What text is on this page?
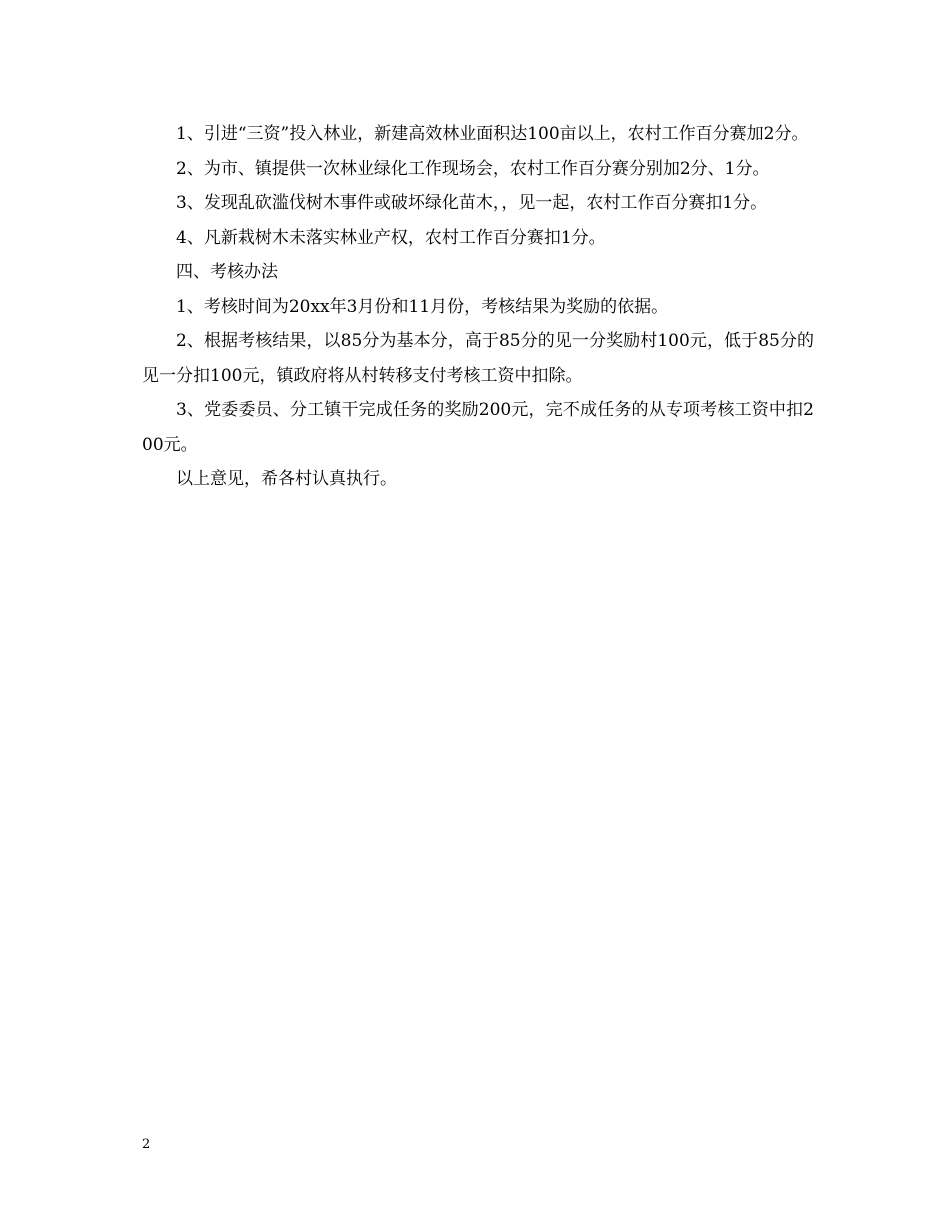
1、引进“三资”投入林业，新建高效林业面积达100亩以上，农村工作百分赛加2分。

2、为市、镇提供一次林业绿化工作现场会，农村工作百分赛分别加2分、1分。

3、发现乱砍滥伐树木事件或破坏绿化苗木，，见一起，农村工作百分赛扣1分。

4、凡新栽树木未落实林业产权，农村工作百分赛扣1分。

四、考核办法

1、考核时间为20xx年3月份和11月份，考核结果为奖励的依据。

2、根据考核结果，以85分为基本分，高于85分的见一分奖励村100元，低于85分的见一分扣100元，镇政府将从村转移支付考核工资中扣除。

3、党委委员、分工镇干完成任务的奖励200元，完不成任务的从专项考核工资中扣200元。

以上意见，希各村认真执行。

2
